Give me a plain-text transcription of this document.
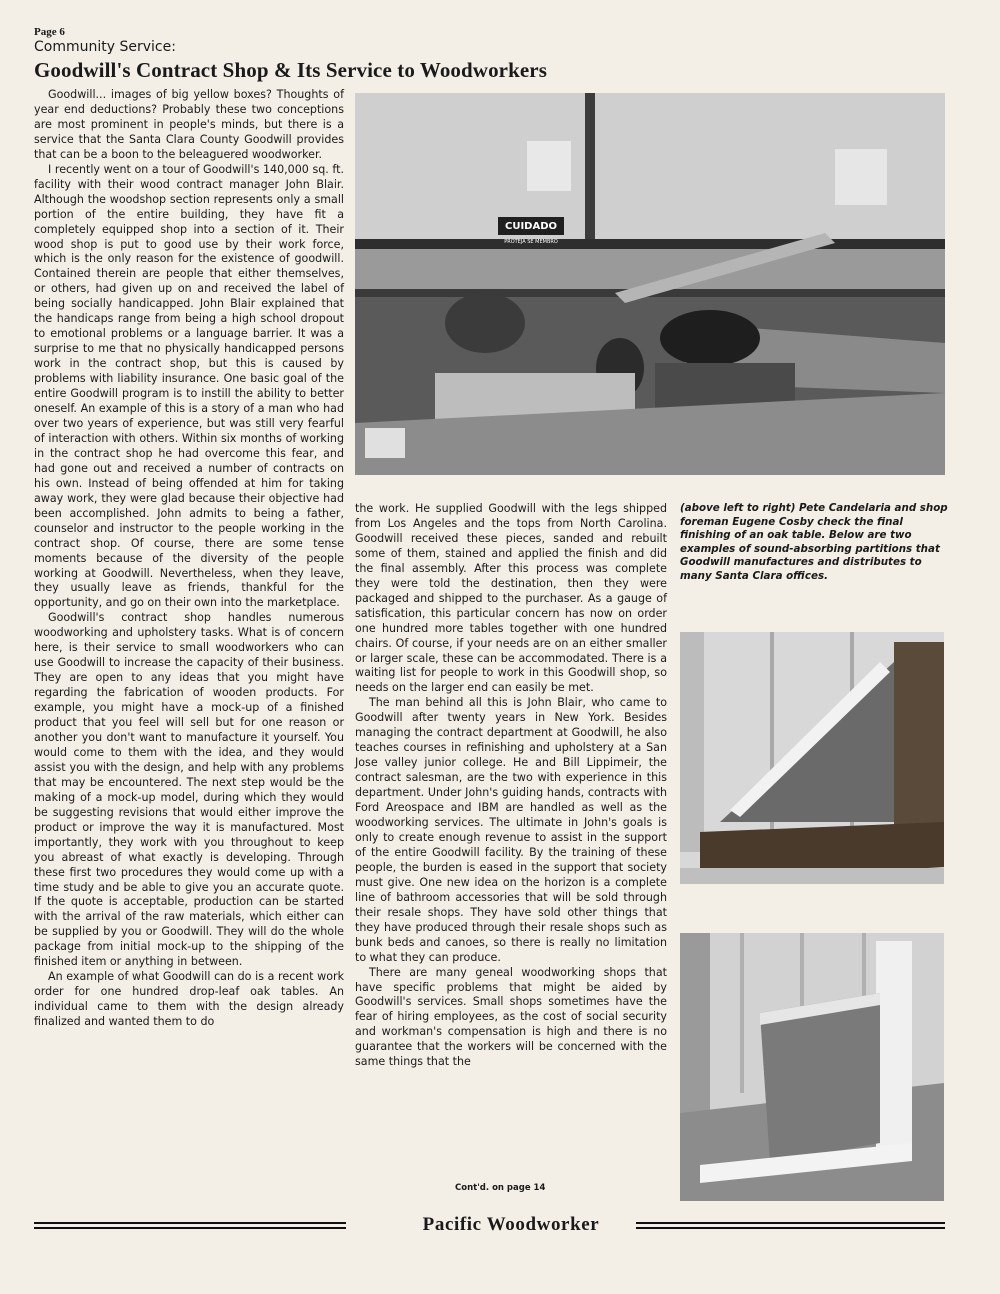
Page 6
Community Service:
Goodwill's Contract Shop & Its Service to Woodworkers

Goodwill... images of big yellow boxes? Thoughts of year end deductions? Probably these two conceptions are most prominent in people's minds, but there is a service that the Santa Clara County Goodwill provides that can be a boon to the beleaguered woodworker.

I recently went on a tour of Goodwill's 140,000 sq. ft. facility with their wood contract manager John Blair. Although the woodshop section represents only a small portion of the entire building, they have fit a completely equipped shop into a section of it. Their wood shop is put to good use by their work force, which is the only reason for the existence of goodwill. Contained therein are people that either themselves, or others, had given up on and received the label of being socially handicapped. John Blair explained that the handicaps range from being a high school dropout to emotional problems or a language barrier. It was a surprise to me that no physically handicapped persons work in the contract shop, but this is caused by problems with liability insurance. One basic goal of the entire Goodwill program is to instill the ability to better oneself. An example of this is a story of a man who had over two years of experience, but was still very fearful of interaction with others. Within six months of working in the contract shop he had overcome this fear, and had gone out and received a number of contracts on his own. Instead of being offended at him for taking away work, they were glad because their objective had been accomplished. John admits to being a father, counselor and instructor to the people working in the contract shop. Of course, there are some tense moments because of the diversity of the people working at Goodwill. Nevertheless, when they leave, they usually leave as friends, thankful for the opportunity, and go on their own into the marketplace.

Goodwill's contract shop handles numerous woodworking and upholstery tasks. What is of concern here, is their service to small woodworkers who can use Goodwill to increase the capacity of their business. They are open to any ideas that you might have regarding the fabrication of wooden products. For example, you might have a mock-up of a finished product that you feel will sell but for one reason or another you don't want to manufacture it yourself. You would come to them with the idea, and they would assist you with the design, and help with any problems that may be encountered. The next step would be the making of a mock-up model, during which they would be suggesting revisions that would either improve the product or improve the way it is manufactured. Most importantly, they work with you throughout to keep you abreast of what exactly is developing. Through these first two procedures they would come up with a time study and be able to give you an accurate quote. If the quote is acceptable, production can be started with the arrival of the raw materials, which either can be supplied by you or Goodwill. They will do the whole package from initial mock-up to the shipping of the finished item or anything in between.

An example of what Goodwill can do is a recent work order for one hundred drop-leaf oak tables. An individual came to them with the design already finalized and wanted them to do

CUIDADO
PROTEJA SE MEMBRO

the work. He supplied Goodwill with the legs shipped from Los Angeles and the tops from North Carolina. Goodwill received these pieces, sanded and rebuilt some of them, stained and applied the finish and did the final assembly. After this process was complete they were told the destination, then they were packaged and shipped to the purchaser. As a gauge of satisfication, this particular concern has now on order one hundred more tables together with one hundred chairs. Of course, if your needs are on an either smaller or larger scale, these can be accommodated. There is a waiting list for people to work in this Goodwill shop, so needs on the larger end can easily be met.

The man behind all this is John Blair, who came to Goodwill after twenty years in New York. Besides managing the contract department at Goodwill, he also teaches courses in refinishing and upholstery at a San Jose valley junior college. He and Bill Lippimeir, the contract salesman, are the two with experience in this department. Under John's guiding hands, contracts with Ford Areospace and IBM are handled as well as the woodworking services. The ultimate in John's goals is only to create enough revenue to assist in the support of the entire Goodwill facility. By the training of these people, the burden is eased in the support that society must give. One new idea on the horizon is a complete line of bathroom accessories that will be sold through their resale shops. They have sold other things that they have produced through their resale shops such as bunk beds and canoes, so there is really no limitation to what they can produce.

There are many geneal woodworking shops that have specific problems that might be aided by Goodwill's services. Small shops sometimes have the fear of hiring employees, as the cost of social security and workman's compensation is high and there is no guarantee that the workers will be concerned with the same things that the

Cont'd. on page 14
(above left to right) Pete Candelaria and shop foreman Eugene Cosby check the final finishing of an oak table. Below are two examples of sound-absorbing partitions that Goodwill manufactures and distributes to many Santa Clara offices.
Pacific Woodworker
